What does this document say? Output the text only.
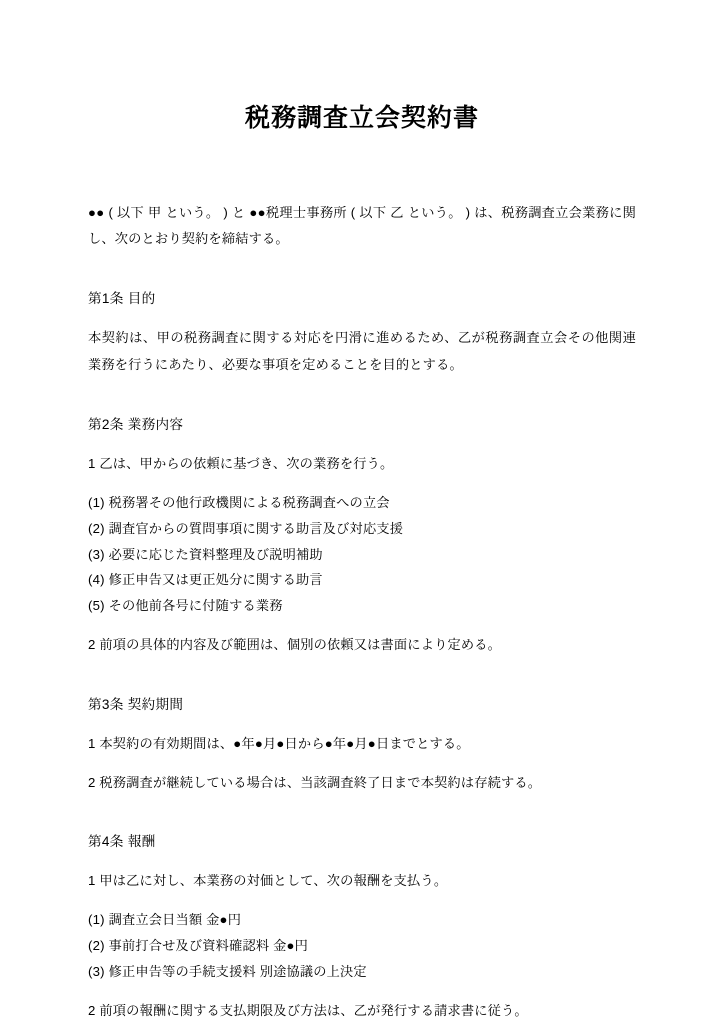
税務調査立会契約書

●● ( 以下 甲 という。 ) と ●●税理士事務所 ( 以下 乙 という。 ) は、税務調査立会業務に関し、次のとおり契約を締結する。

第1条 目的

本契約は、甲の税務調査に関する対応を円滑に進めるため、乙が税務調査立会その他関連業務を行うにあたり、必要な事項を定めることを目的とする。

第2条 業務内容

1 乙は、甲からの依頼に基づき、次の業務を行う。

(1) 税務署その他行政機関による税務調査への立会
(2) 調査官からの質問事項に関する助言及び対応支援
(3) 必要に応じた資料整理及び説明補助
(4) 修正申告又は更正処分に関する助言
(5) その他前各号に付随する業務

2 前項の具体的内容及び範囲は、個別の依頼又は書面により定める。

第3条 契約期間

1 本契約の有効期間は、●年●月●日から●年●月●日までとする。

2 税務調査が継続している場合は、当該調査終了日まで本契約は存続する。

第4条 報酬

1 甲は乙に対し、本業務の対価として、次の報酬を支払う。

(1) 調査立会日当額 金●円
(2) 事前打合せ及び資料確認料 金●円
(3) 修正申告等の手続支援料 別途協議の上決定

2 前項の報酬に関する支払期限及び方法は、乙が発行する請求書に従う。
